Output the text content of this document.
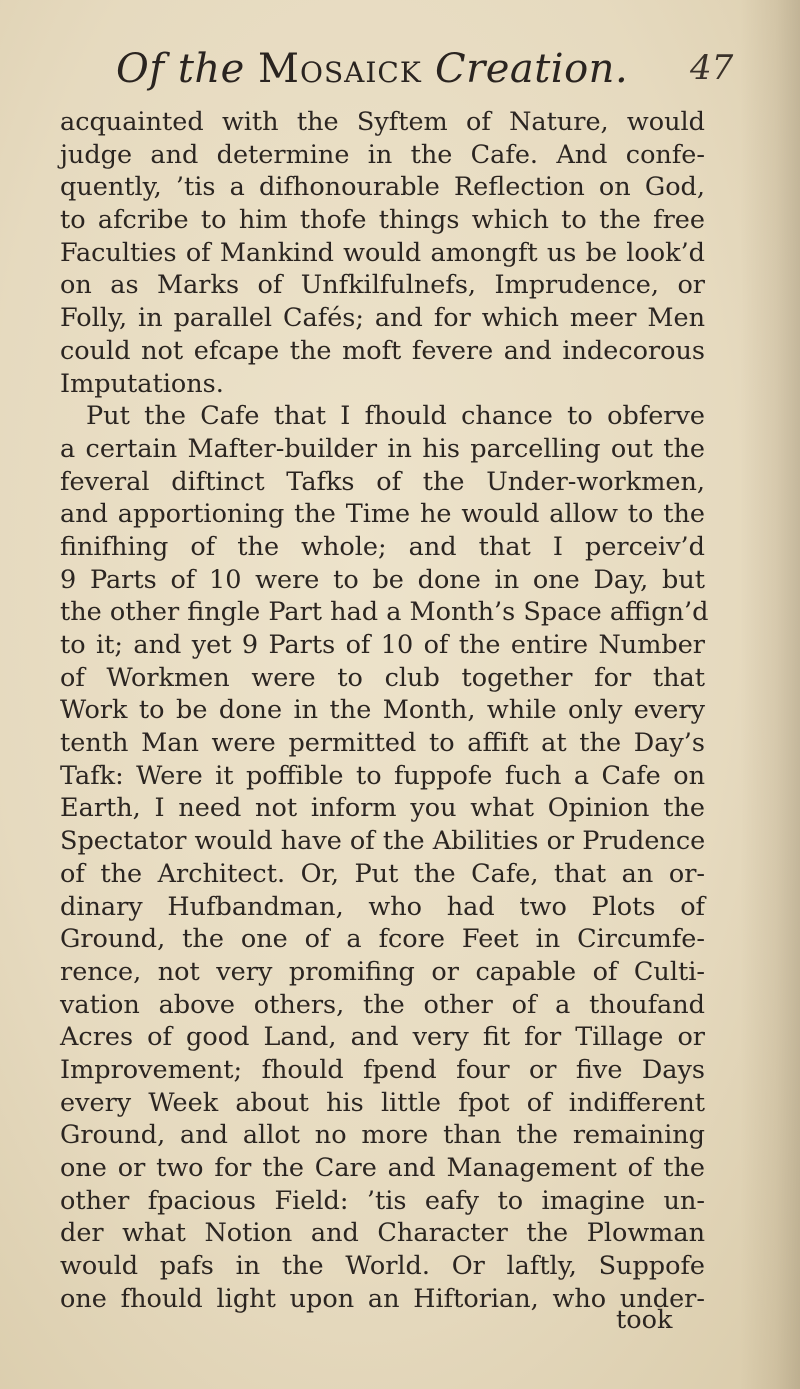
Of the Mosaick Creation. 47
acquainted with the Syftem of Nature, would
judge and determine in the Cafe. And confe-
quently, ’tis a difhonourable Reflection on God,
to afcribe to him thofe things which to the free
Faculties of Mankind would amongft us be look’d
on as Marks of Unfkilfulnefs, Imprudence, or
Folly, in parallel Cafés; and for which meer Men
could not efcape the moft fevere and indecorous
Imputations.
Put the Cafe that I fhould chance to obferve
a certain Mafter-builder in his parcelling out the
feveral diftinct Tafks of the Under-workmen,
and apportioning the Time he would allow to the
finifhing of the whole; and that I perceiv’d
9 Parts of 10 were to be done in one Day, but
the other fingle Part had a Month’s Space affign’d
to it; and yet 9 Parts of 10 of the entire Number
of Workmen were to club together for that
Work to be done in the Month, while only every
tenth Man were permitted to affift at the Day’s
Tafk: Were it poffible to fuppofe fuch a Cafe on
Earth, I need not inform you what Opinion the
Spectator would have of the Abilities or Prudence
of the Architect. Or, Put the Cafe, that an or-
dinary Hufbandman, who had two Plots of
Ground, the one of a fcore Feet in Circumfe-
rence, not very promifing or capable of Culti-
vation above others, the other of a thoufand
Acres of good Land, and very fit for Tillage or
Improvement; fhould fpend four or five Days
every Week about his little fpot of indifferent
Ground, and allot no more than the remaining
one or two for the Care and Management of the
other fpacious Field: ’tis eafy to imagine un-
der what Notion and Character the Plowman
would pafs in the World. Or laftly, Suppofe
one fhould light upon an Hiftorian, who under-
took
